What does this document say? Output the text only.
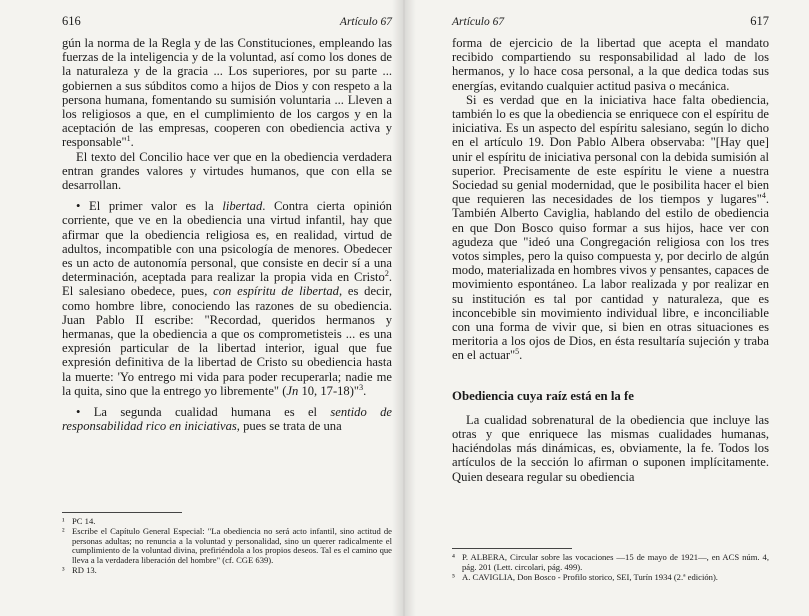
616	Artículo 67

gún la norma de la Regla y de las Constituciones, empleando las fuerzas de la inteligencia y de la voluntad, así como los dones de la naturaleza y de la gracia ... Los superiores, por su parte ... gobiernen a sus súbditos como a hijos de Dios y con respeto a la persona humana, fomentando su sumisión voluntaria ... Lleven a los religiosos a que, en el cumplimiento de los cargos y en la aceptación de las empresas, cooperen con obediencia activa y responsable"$^1$.

El texto del Concilio hace ver que en la obediencia verdadera entran grandes valores y virtudes humanos, que con ella se desarrollan.

• El primer valor es la libertad. Contra cierta opinión corriente, que ve en la obediencia una virtud infantil, hay que afirmar que la obediencia religiosa es, en realidad, virtud de adultos, incompatible con una psicología de menores. Obedecer es un acto de autonomía personal, que consiste en decir sí a una determinación, aceptada para realizar la propia vida en Cristo$^2$. El salesiano obedece, pues, con espíritu de libertad, es decir, como hombre libre, conociendo las razones de su obediencia. Juan Pablo II escribe: "Recordad, queridos hermanos y hermanas, que la obediencia a que os comprometisteis ... es una expresión particular de la libertad interior, igual que fue expresión definitiva de la libertad de Cristo su obediencia hasta la muerte: 'Yo entrego mi vida para poder recuperarla; nadie me la quita, sino que la entrego yo libremente" (Jn 10, 17-18)"$^3$.

• La segunda cualidad humana es el sentido de responsabilidad rico en iniciativas, pues se trata de una

¹ PC 14.
² Escribe el Capítulo General Especial: "La obediencia no será acto infantil, sino actitud de personas adultas; no renuncia a la voluntad y personalidad, sino un querer radicalmente el cumplimiento de la voluntad divina, prefiriéndola a los propios deseos. Tal es el camino que lleva a la verdadera liberación del hombre" (cf. CGE 639).
³ RD 13.
Artículo 67	617

forma de ejercicio de la libertad que acepta el mandato recibido compartiendo su responsabilidad al lado de los hermanos, y lo hace cosa personal, a la que dedica todas sus energías, evitando cualquier actitud pasiva o mecánica.

Si es verdad que en la iniciativa hace falta obediencia, también lo es que la obediencia se enriquece con el espíritu de iniciativa. Es un aspecto del espíritu salesiano, según lo dicho en el artículo 19. Don Pablo Albera observaba: "[Hay que] unir el espíritu de iniciativa personal con la debida sumisión al superior. Precisamente de este espíritu le viene a nuestra Sociedad su genial modernidad, que le posibilita hacer el bien que requieren las necesidades de los tiempos y lugares"$^4$. También Alberto Caviglia, hablando del estilo de obediencia en que Don Bosco quiso formar a sus hijos, hace ver con agudeza que "ideó una Congregación religiosa con los tres votos simples, pero la quiso compuesta y, por decirlo de algún modo, materializada en hombres vivos y pensantes, capaces de movimiento espontáneo. La labor realizada y por realizar en su institución es tal por cantidad y naturaleza, que es inconcebible sin movimiento individual libre, e inconciliable con una forma de vivir que, si bien en otras situaciones es meritoria a los ojos de Dios, en ésta resultaría sujeción y traba en el actuar"$^5$.

Obediencia cuya raíz está en la fe

La cualidad sobrenatural de la obediencia que incluye las otras y que enriquece las mismas cualidades humanas, haciéndolas más dinámicas, es, obviamente, la fe. Todos los artículos de la sección lo afirman o suponen implícitamente. Quien deseara regular su obediencia

⁴ P. ALBERA, Circular sobre las vocaciones —15 de mayo de 1921—, en ACS núm. 4, pág. 201 (Lett. circolari, pág. 499).
⁵ A. CAVIGLIA, Don Bosco - Profilo storico, SEI, Turín 1934 (2.ª edición).
